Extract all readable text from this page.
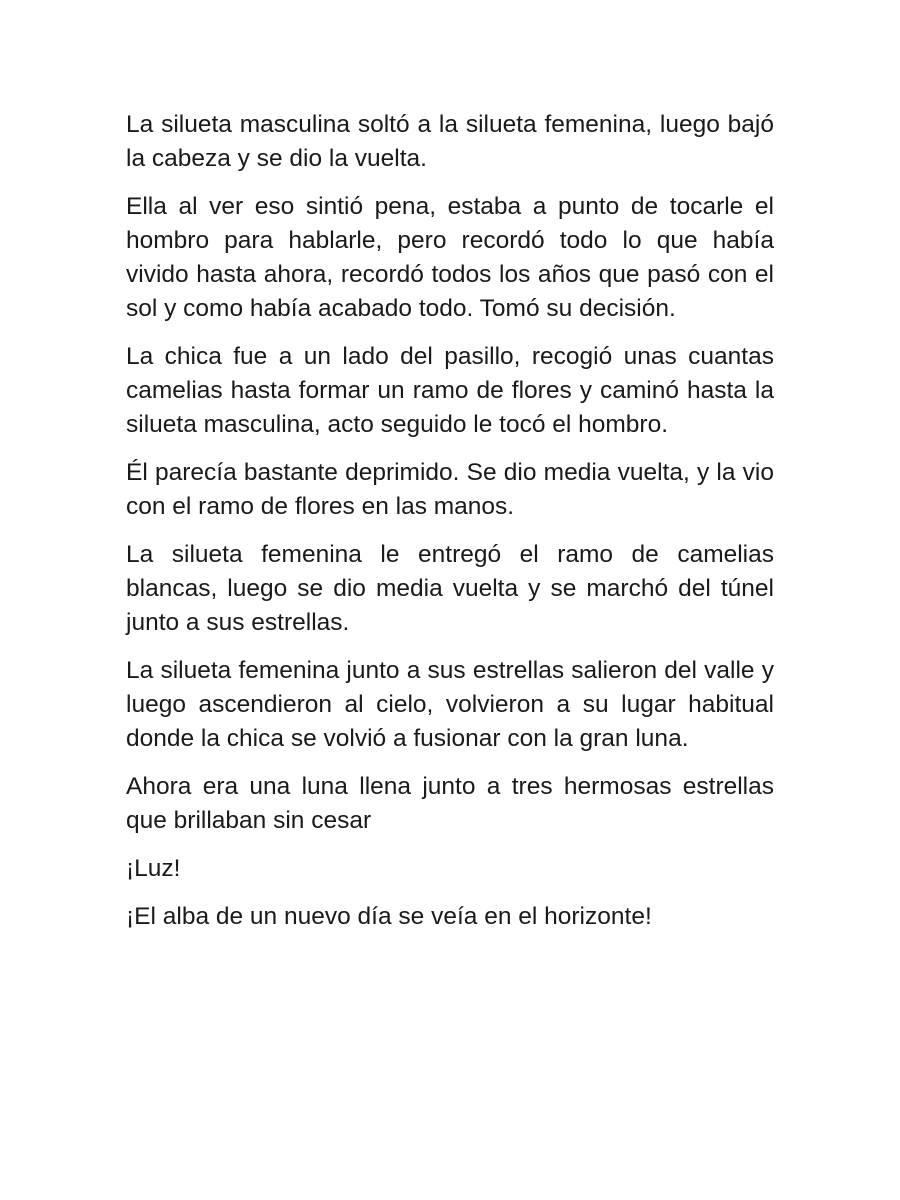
La silueta masculina soltó a la silueta femenina, luego bajó la cabeza y se dio la vuelta.

Ella al ver eso sintió pena, estaba a punto de tocarle el hombro para hablarle, pero recordó todo lo que había vivido hasta ahora, recordó todos los años que pasó con el sol y como había acabado todo. Tomó su decisión.

La chica fue a un lado del pasillo, recogió unas cuantas camelias hasta formar un ramo de flores y caminó hasta la silueta masculina, acto seguido le tocó el hombro.

Él parecía bastante deprimido. Se dio media vuelta, y la vio con el ramo de flores en las manos.

La silueta femenina le entregó el ramo de camelias blancas, luego se dio media vuelta y se marchó del túnel junto a sus estrellas.

La silueta femenina junto a sus estrellas salieron del valle y luego ascendieron al cielo, volvieron a su lugar habitual donde la chica se volvió a fusionar con la gran luna.

Ahora era una luna llena junto a tres hermosas estrellas que brillaban sin cesar

¡Luz!

¡El alba de un nuevo día se veía en el horizonte!
